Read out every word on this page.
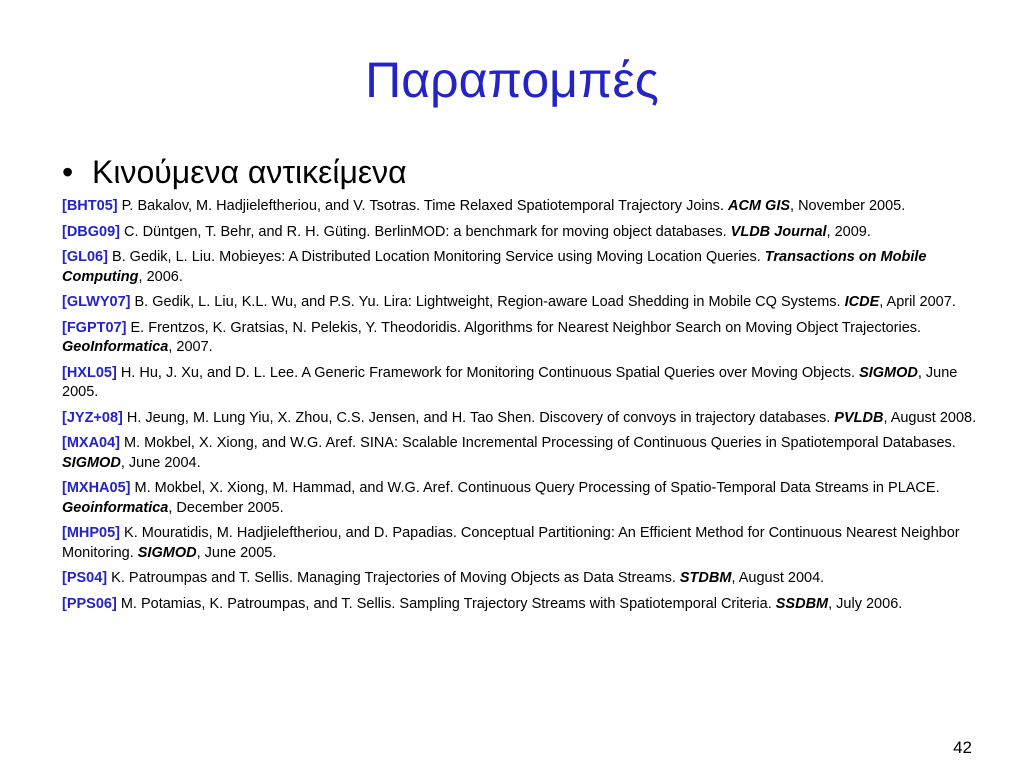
Παραπομπές
• Κινούμενα αντικείμενα

[BHT05] P. Bakalov, M. Hadjieleftheriou, and V. Tsotras. Time Relaxed Spatiotemporal Trajectory Joins. ACM GIS, November 2005.

[DBG09] C. Düntgen, T. Behr, and R. H. Güting. BerlinMOD: a benchmark for moving object databases. VLDB Journal, 2009.

[GL06] B. Gedik, L. Liu. Mobieyes: A Distributed Location Monitoring Service using Moving Location Queries. Transactions on Mobile Computing, 2006.

[GLWY07] B. Gedik, L. Liu, K.L. Wu, and P.S. Yu. Lira: Lightweight, Region-aware Load Shedding in Mobile CQ Systems. ICDE, April 2007.

[FGPT07] E. Frentzos, K. Gratsias, N. Pelekis, Y. Theodoridis. Algorithms for Nearest Neighbor Search on Moving Object Trajectories. GeoInformatica, 2007.

[HXL05] H. Hu, J. Xu, and D. L. Lee. A Generic Framework for Monitoring Continuous Spatial Queries over Moving Objects. SIGMOD, June 2005.

[JYZ+08] H. Jeung, M. Lung Yiu, X. Zhou, C.S. Jensen, and H. Tao Shen. Discovery of convoys in trajectory databases. PVLDB, August 2008.

[MXA04] M. Mokbel, X. Xiong, and W.G. Aref. SINA: Scalable Incremental Processing of Continuous Queries in Spatiotemporal Databases. SIGMOD, June 2004.

[MXHA05] M. Mokbel, X. Xiong, M. Hammad, and W.G. Aref. Continuous Query Processing of Spatio-Temporal Data Streams in PLACE. Geoinformatica, December 2005.

[MHP05] K. Mouratidis, M. Hadjieleftheriou, and D. Papadias. Conceptual Partitioning: An Efficient Method for Continuous Nearest Neighbor Monitoring. SIGMOD, June 2005.

[PS04] K. Patroumpas and T. Sellis. Managing Trajectories of Moving Objects as Data Streams. STDBM, August 2004.

[PPS06] M. Potamias, K. Patroumpas, and T. Sellis. Sampling Trajectory Streams with Spatiotemporal Criteria. SSDBM, July 2006.

42
